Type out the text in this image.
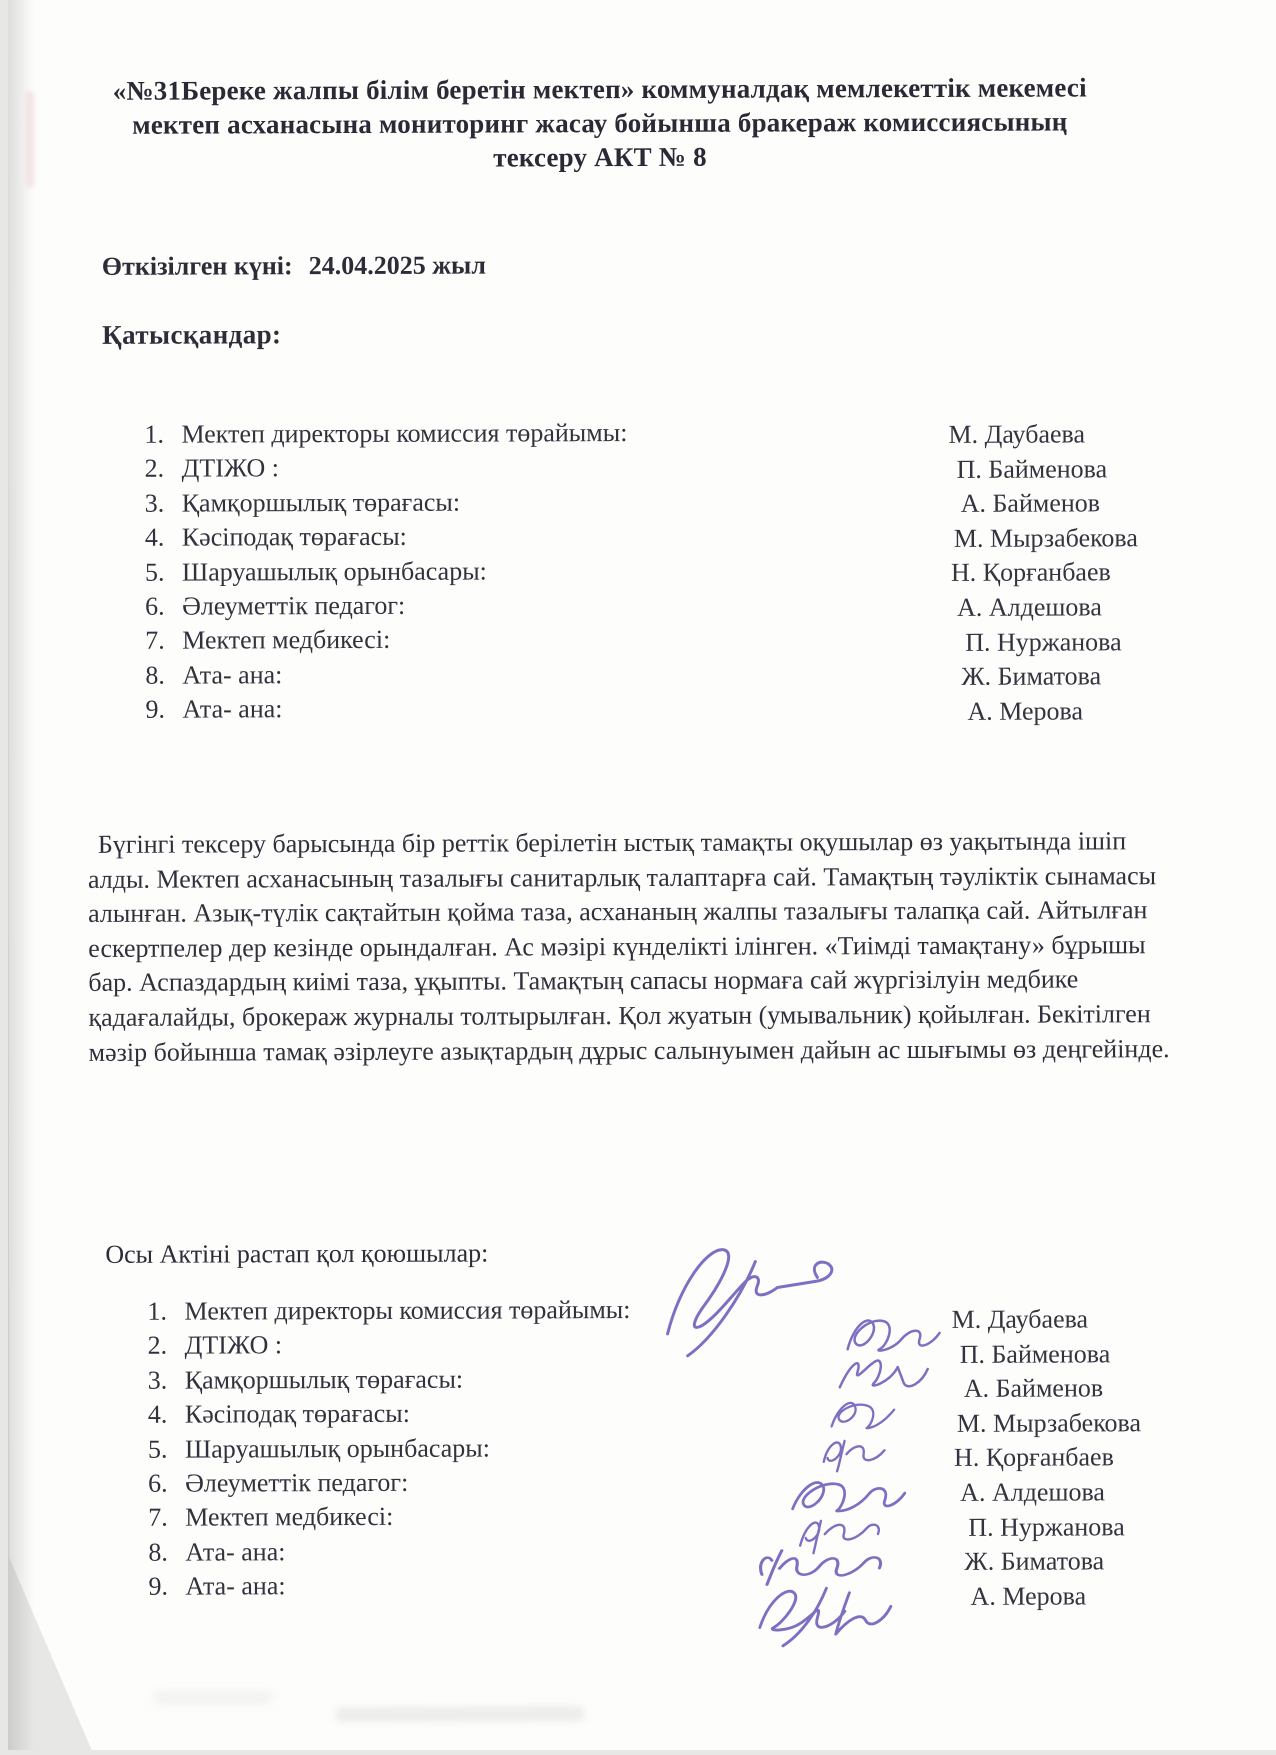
«№31Береке жалпы білім беретін мектеп» коммуналдақ мемлекеттік мекемесі
мектеп асханасына мониторинг жасау бойынша бракераж комиссиясының
тексеру АКТ № 8
Өткізілген күні: 24.04.2025 жыл
Қатысқандар:
1. Мектеп директоры комиссия төрайымы:
2. ДТІЖО :
3. Қамқоршылық төрағасы:
4. Кәсіподақ төрағасы:
5. Шаруашылық орынбасары:
6. Әлеуметтік педагог:
7. Мектеп медбикесі:
8. Ата- ана:
9. Ата- ана:
М. Даубаева
П. Байменова
А. Байменов
М. Мырзабекова
Н. Қорғанбаев
А. Алдешова
П. Нуржанова
Ж. Биматова
А. Мерова
Бүгінгі тексеру барысында бір реттік берілетін ыстық тамақты оқушылар өз уақытында ішіп алды. Мектеп асханасының тазалығы санитарлық талаптарға сай. Тамақтың тәуліктік сынамасы алынған. Азық-түлік сақтайтын қойма таза, асхананың жалпы тазалығы талапқа сай. Айтылған ескертпелер дер кезінде орындалған. Ас мәзірі күнделікті ілінген. «Тиімді тамақтану» бұрышы бар. Аспаздардың киімі таза, ұқыпты. Тамақтың сапасы нормаға сай жүргізілуін медбике қадағалайды, брокераж журналы толтырылған. Қол жуатын (умывальник) қойылған. Бекітілген мәзір бойынша тамақ әзірлеуге азықтардың дұрыс салынуымен дайын ас шығымы өз деңгейінде.
Осы Актіні растап қол қоюшылар:
1. Мектеп директоры комиссия төрайымы:
2. ДТІЖО :
3. Қамқоршылық төрағасы:
4. Кәсіподақ төрағасы:
5. Шаруашылық орынбасары:
6. Әлеуметтік педагог:
7. Мектеп медбикесі:
8. Ата- ана:
9. Ата- ана:
М. Даубаева
П. Байменова
А. Байменов
М. Мырзабекова
Н. Қорғанбаев
А. Алдешова
П. Нуржанова
Ж. Биматова
А. Мерова
